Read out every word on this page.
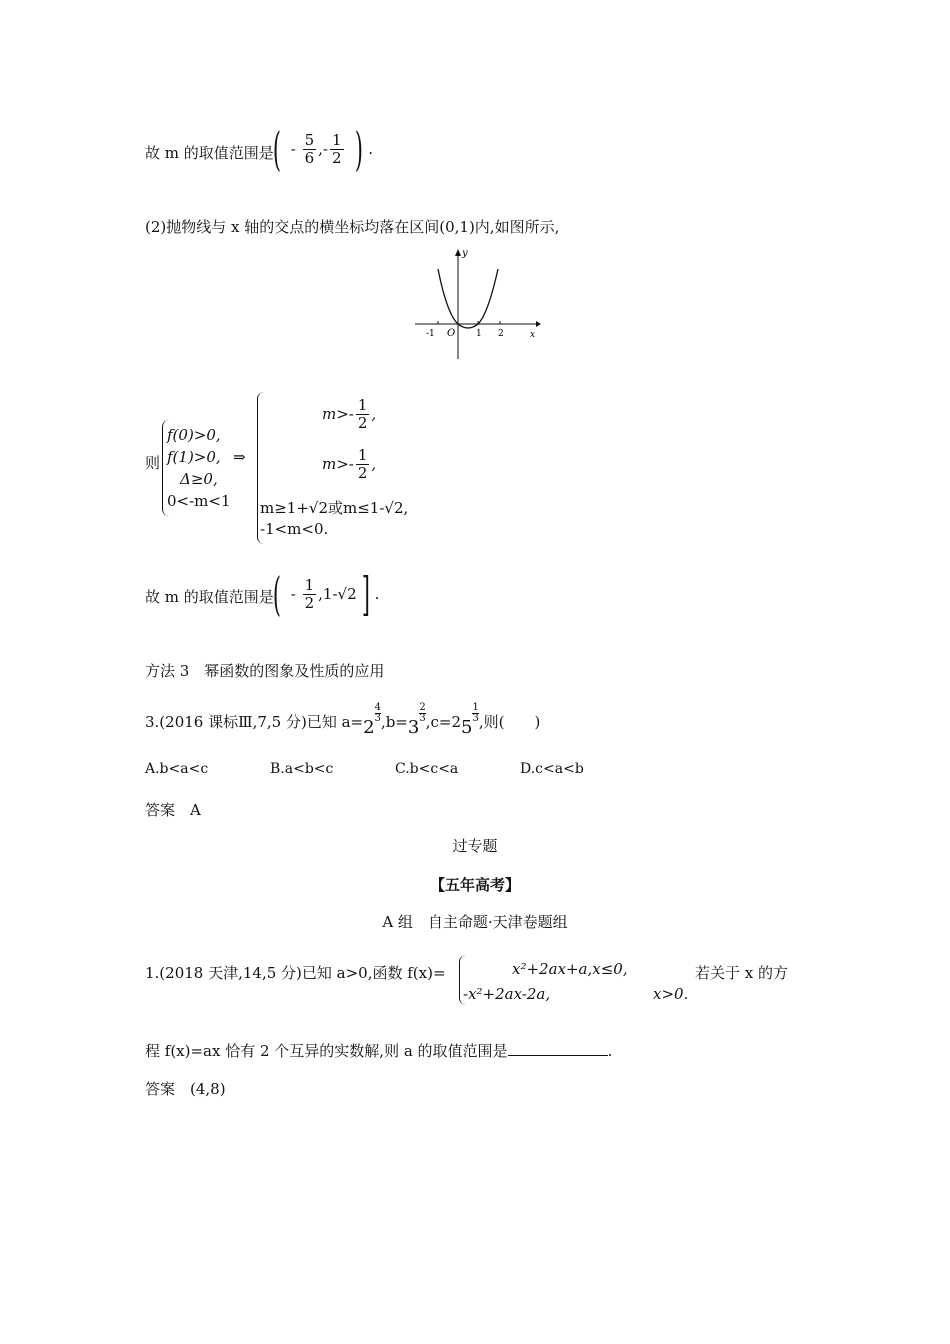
故 m 的取值范围是 ( - $\frac{5}{6}$ ,- $\frac{1}{2}$ ) .
(2)抛物线与 x 轴的交点的横坐标均落在区间(0,1)内,如图所示,
y
x
O
-1	1 2
则
f(0)>0,
f(1)>0,
Δ≥0,
0<-m<1
⇒
$m>- \frac{1}{2}$ ,
$m>- \frac{1}{2}$ ,
m≥1+√2或m≤1-√2,
-1<m<0.
故 m 的取值范围是 ( - $\frac{1}{2} ,1-√2$ ] .
方法 3　幂函数的图象及性质的应用
3.(2016 课标Ⅲ,7,5 分)已知 a=2
$\frac{4}{3} ,b=3$
$\frac{2}{3} ,c=25$
$\frac{1}{3}$ ,则(　　)
A.b<a<c	B.a<b<c	C.b<c<a	D.c<a<b
答案　A
过专题
【五年高考】
A 组　自主命题·天津卷题组
1.(2018 天津,14,5 分)已知 a>0,函数 f(x)=	x²+2ax+a,x≤0,
-x²+2ax-2a,	x>0.
若关于 x 的方
程 f(x)=ax 恰有 2 个互异的实数解,则 a 的取值范围是	.
答案　(4,8)
